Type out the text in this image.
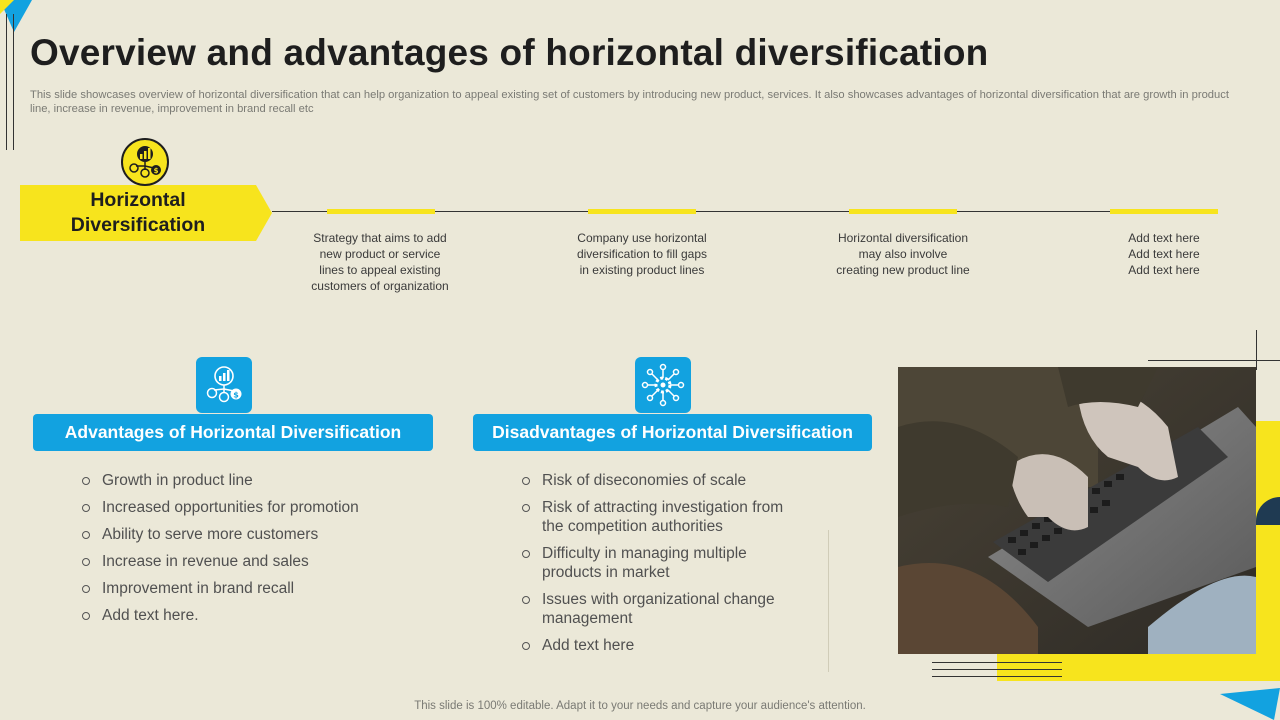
Overview and advantages of horizontal diversification
This slide showcases overview of horizontal diversification that can help organization to appeal existing set of customers by introducing new product, services. It also showcases advantages of horizontal diversification that are growth in product line, increase in revenue, improvement in brand recall etc
Horizontal
Diversification
$
Strategy that aims to add
new product or service
lines to appeal existing
customers of organization
Company use horizontal
diversification to fill gaps
in existing product lines
Horizontal diversification
may also involve
creating new product line
Add text here
Add text here
Add text here
$
Advantages of Horizontal Diversification
Growth in product line
Increased opportunities for promotion
Ability to serve more customers
Increase in revenue and sales
Improvement in brand recall
Add text here.
Disadvantages of Horizontal Diversification
Risk of diseconomies of scale
Risk of attracting investigation from the competition authorities
Difficulty in managing multiple products in market
Issues with organizational change management
Add text here
This slide is 100% editable. Adapt it to your needs and capture your audience's attention.
